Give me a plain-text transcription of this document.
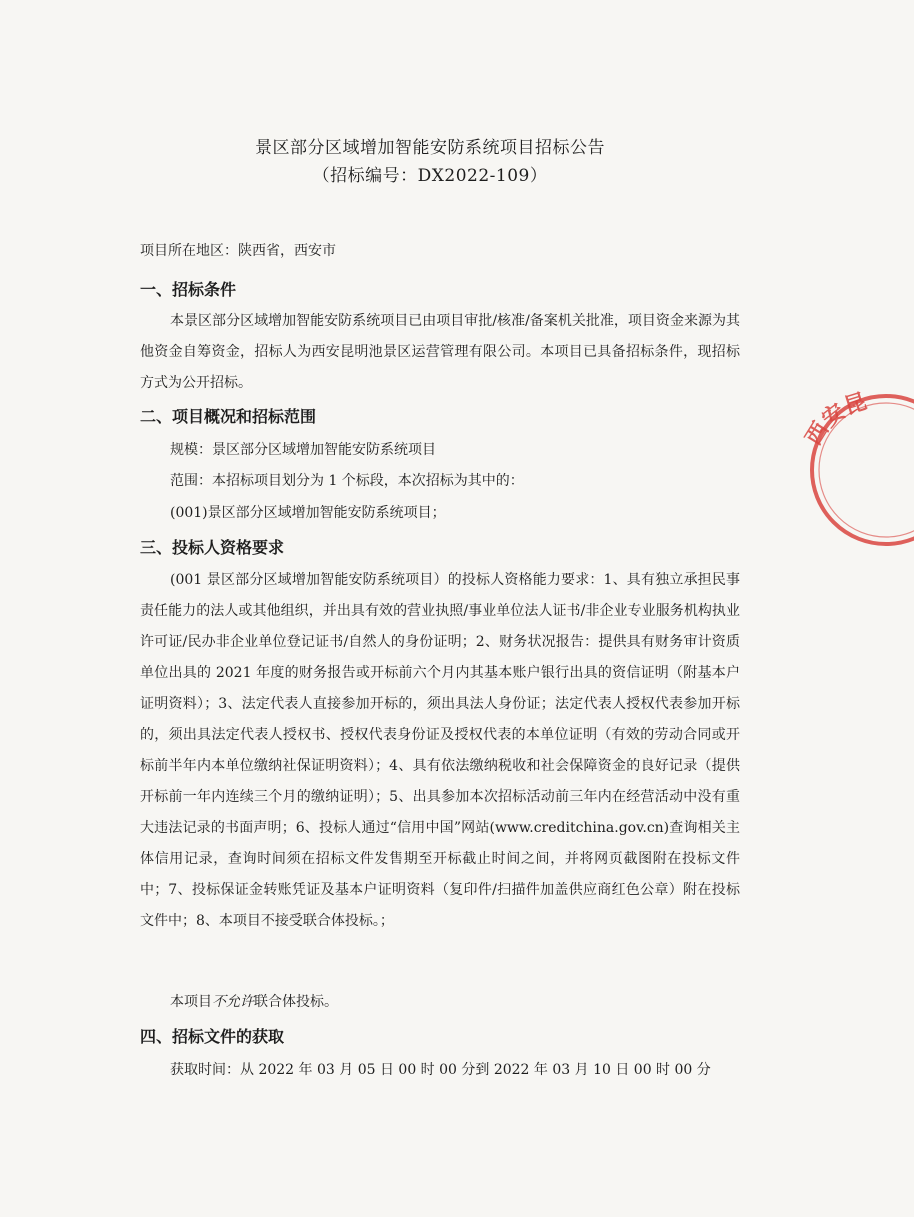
景区部分区域增加智能安防系统项目招标公告
（招标编号：DX2022-109）
项目所在地区：陕西省，西安市
一、招标条件

本景区部分区域增加智能安防系统项目已由项目审批/核准/备案机关批准，项目资金来源为其他资金自筹资金，招标人为西安昆明池景区运营管理有限公司。本项目已具备招标条件，现招标方式为公开招标。

二、项目概况和招标范围
规模：景区部分区域增加智能安防系统项目
范围：本招标项目划分为 1 个标段，本次招标为其中的：
(001)景区部分区域增加智能安防系统项目；
三、投标人资格要求

(001 景区部分区域增加智能安防系统项目）的投标人资格能力要求：1、具有独立承担民事责任能力的法人或其他组织，并出具有效的营业执照/事业单位法人证书/非企业专业服务机构执业许可证/民办非企业单位登记证书/自然人的身份证明；2、财务状况报告：提供具有财务审计资质单位出具的 2021 年度的财务报告或开标前六个月内其基本账户银行出具的资信证明（附基本户证明资料）；3、法定代表人直接参加开标的，须出具法人身份证；法定代表人授权代表参加开标的，须出具法定代表人授权书、授权代表身份证及授权代表的本单位证明（有效的劳动合同或开标前半年内本单位缴纳社保证明资料）；4、具有依法缴纳税收和社会保障资金的良好记录（提供开标前一年内连续三个月的缴纳证明）；5、出具参加本次招标活动前三年内在经营活动中没有重大违法记录的书面声明；6、投标人通过“信用中国”网站(www.creditchina.gov.cn)查询相关主体信用记录，查询时间须在招标文件发售期至开标截止时间之间，并将网页截图附在投标文件中；7、投标保证金转账凭证及基本户证明资料（复印件/扫描件加盖供应商红色公章）附在投标文件中；8、本项目不接受联合体投标。；

本项目不允许联合体投标。
四、招标文件的获取
获取时间：从 2022 年 03 月 05 日 00 时 00 分到 2022 年 03 月 10 日 00 时 00 分
西安昆明池景区运营管理有限公司
